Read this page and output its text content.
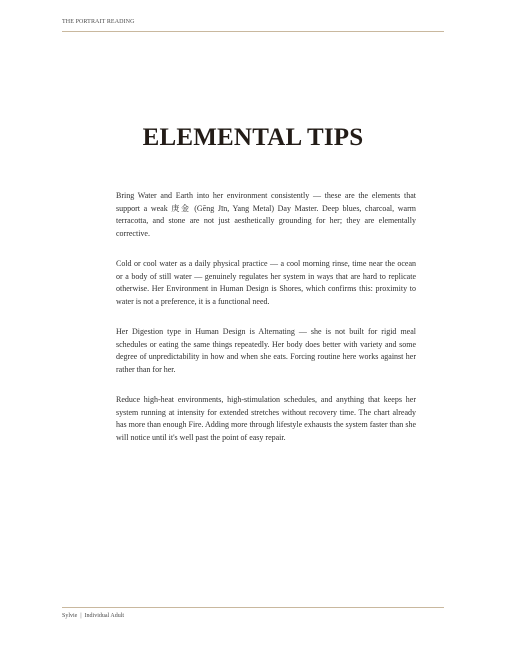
THE PORTRAIT READING
ELEMENTAL TIPS

Bring Water and Earth into her environment consistently — these are the elements that support a weak 庚金 (Gēng Jīn, Yang Metal) Day Master. Deep blues, charcoal, warm terracotta, and stone are not just aesthetically grounding for her; they are elementally corrective.

Cold or cool water as a daily physical practice — a cool morning rinse, time near the ocean or a body of still water — genuinely regulates her system in ways that are hard to replicate otherwise. Her Environment in Human Design is Shores, which confirms this: proximity to water is not a preference, it is a functional need.

Her Digestion type in Human Design is Alternating — she is not built for rigid meal schedules or eating the same things repeatedly. Her body does better with variety and some degree of unpredictability in how and when she eats. Forcing routine here works against her rather than for her.

Reduce high-heat environments, high-stimulation schedules, and anything that keeps her system running at intensity for extended stretches without recovery time. The chart already has more than enough Fire. Adding more through lifestyle exhausts the system faster than she will notice until it's well past the point of easy repair.

Sylvie | Individual Adult
